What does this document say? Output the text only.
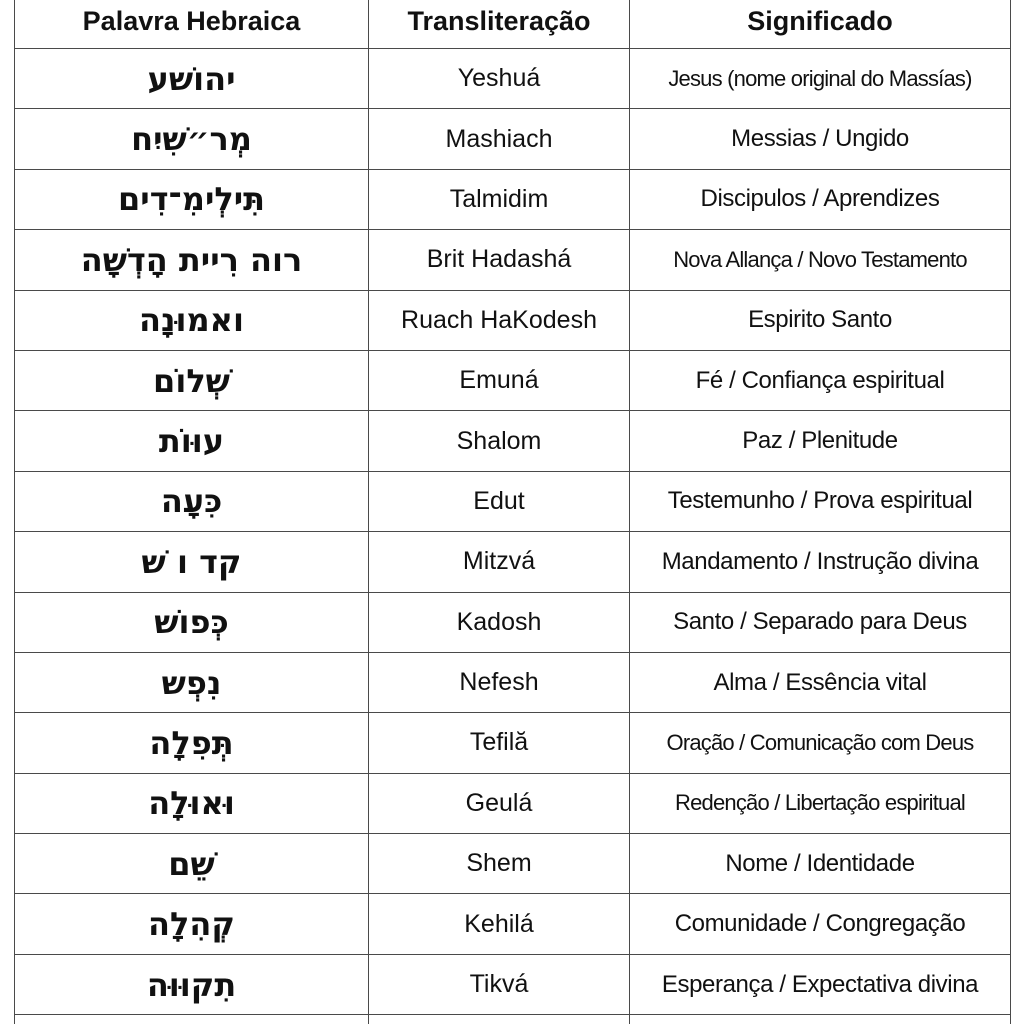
Palavra Hebraica	Transliteração	Significado
יהושׁע	Yeshuá	Jesus (nome original do Massías)
מְר״שִׁיִח	Mashiach	Messias / Ungido
תִּילְימִ־דִים	Talmidim	Discipulos / Aprendizes
רוה רִיית הָדְשָׁה	Brit Hadashá	Nova Allança / Novo Testamento
ואמוּנָה	Ruach HaKodesh	Espirito Santo
שְׁלוֹם	Emuná	Fé / Confiança espiritual
עוּוֹת	Shalom	Paz / Plenitude
כִּעָה	Edut	Testemunho / Prova espiritual
קד ו שׁ	Mitzvá	Mandamento / Instrução divina
כְּפוֹש	Kadosh	Santo / Separado para Deus
נִפְש	Nefesh	Alma / Essência vital
תְּפִלָה	Tefilă	Oração / Comunicação com Deus
וּאוּלָה	Geulá	Redenção / Libertação espiritual
שֵׁם	Shem	Nome / Identidade
קְהִלָה	Kehilá	Comunidade / Congregação
תִקוּוּה	Tikvá	Esperança / Expectativa divina
